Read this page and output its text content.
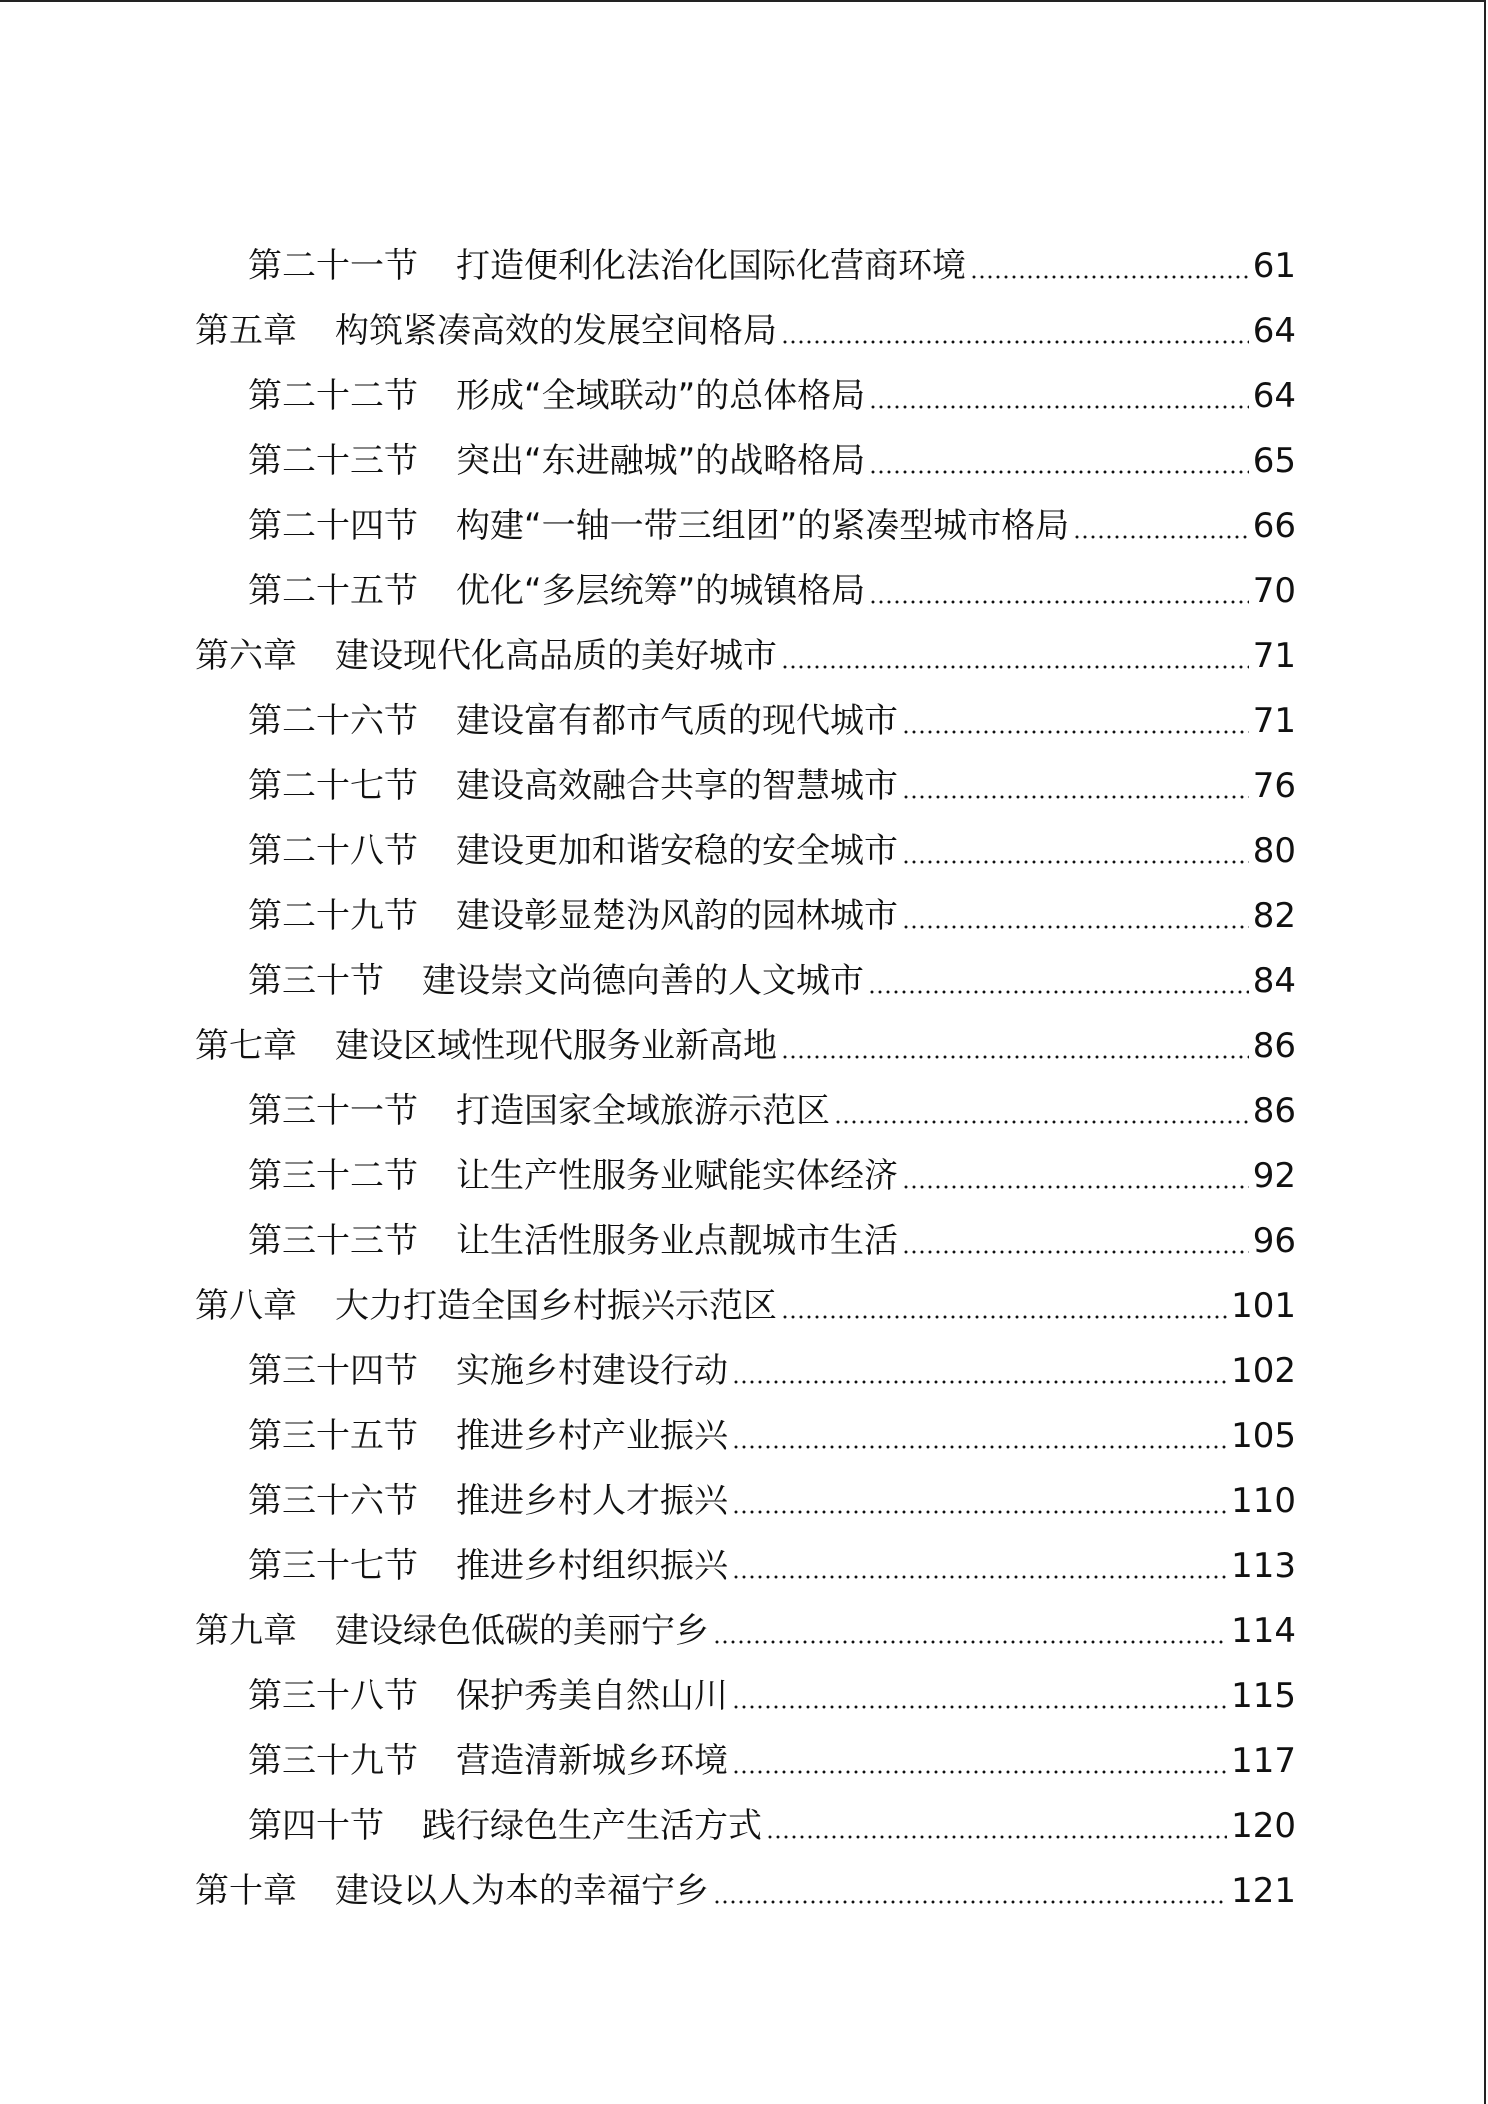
第二十一节 打造便利化法治化国际化营商环境	61
第五章 构筑紧凑高效的发展空间格局	64
第二十二节 形成“全域联动”的总体格局	64
第二十三节 突出“东进融城”的战略格局	65
第二十四节 构建“一轴一带三组团”的紧凑型城市格局	66
第二十五节 优化“多层统筹”的城镇格局	70
第六章 建设现代化高品质的美好城市	71
第二十六节 建设富有都市气质的现代城市	71
第二十七节 建设高效融合共享的智慧城市	76
第二十八节 建设更加和谐安稳的安全城市	80
第二十九节 建设彰显楚沩风韵的园林城市	82
第三十节 建设崇文尚德向善的人文城市	84
第七章 建设区域性现代服务业新高地	86
第三十一节 打造国家全域旅游示范区	86
第三十二节 让生产性服务业赋能实体经济	92
第三十三节 让生活性服务业点靓城市生活	96
第八章 大力打造全国乡村振兴示范区	101
第三十四节 实施乡村建设行动	102
第三十五节 推进乡村产业振兴	105
第三十六节 推进乡村人才振兴	110
第三十七节 推进乡村组织振兴	113
第九章 建设绿色低碳的美丽宁乡	114
第三十八节 保护秀美自然山川	115
第三十九节 营造清新城乡环境	117
第四十节 践行绿色生产生活方式	120
第十章 建设以人为本的幸福宁乡	121
